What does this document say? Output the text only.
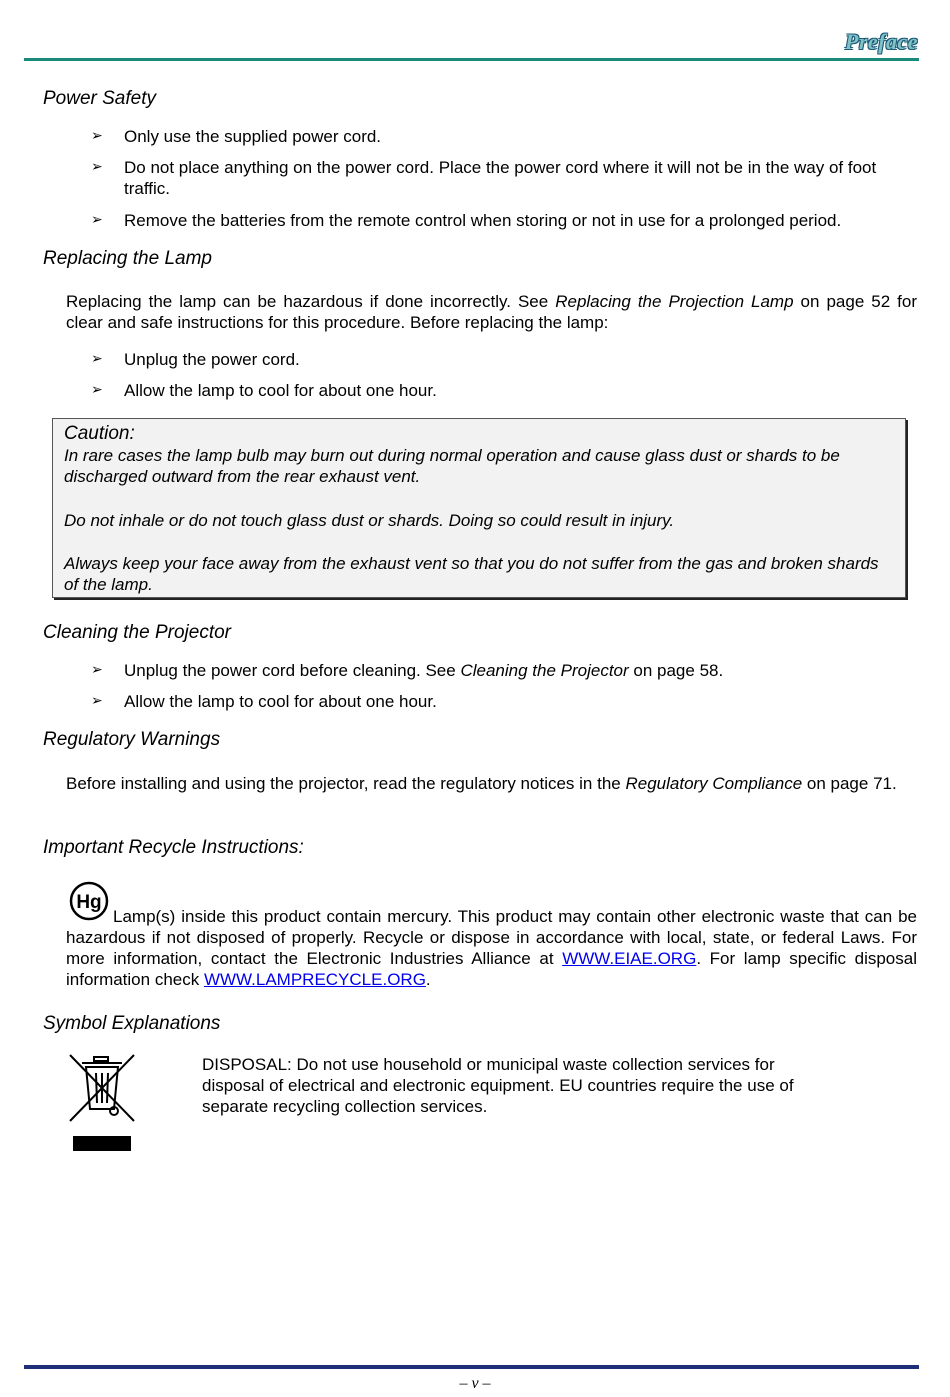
Preface
Power Safety
➢ Only use the supplied power cord.
➢ Do not place anything on the power cord. Place the power cord where it will not be in the way of foot traffic.
➢ Remove the batteries from the remote control when storing or not in use for a prolonged period.
Replacing the Lamp
Replacing the lamp can be hazardous if done incorrectly. See Replacing the Projection Lamp on page 52 for clear and safe instructions for this procedure. Before replacing the lamp:
➢ Unplug the power cord.
➢ Allow the lamp to cool for about one hour.

Caution:

In rare cases the lamp bulb may burn out during normal operation and cause glass dust or shards to be discharged outward from the rear exhaust vent.

Do not inhale or do not touch glass dust or shards. Doing so could result in injury.

Always keep your face away from the exhaust vent so that you do not suffer from the gas and broken shards of the lamp.

Cleaning the Projector
➢ Unplug the power cord before cleaning. See Cleaning the Projector on page 58.
➢ Allow the lamp to cool for about one hour.
Regulatory Warnings
Before installing and using the projector, read the regulatory notices in the Regulatory Compliance on page 71.
Important Recycle Instructions:
Hg
Lamp(s) inside this product contain mercury. This product may contain other electronic waste that can be hazardous if not disposed of properly. Recycle or dispose in accordance with local, state, or federal Laws. For more information, contact the Electronic Industries Alliance at WWW.EIAE.ORG. For lamp specific disposal information check WWW.LAMPRECYCLE.ORG.
Symbol Explanations
DISPOSAL: Do not use household or municipal waste collection services for disposal of electrical and electronic equipment. EU countries require the use of separate recycling collection services.
– v –
